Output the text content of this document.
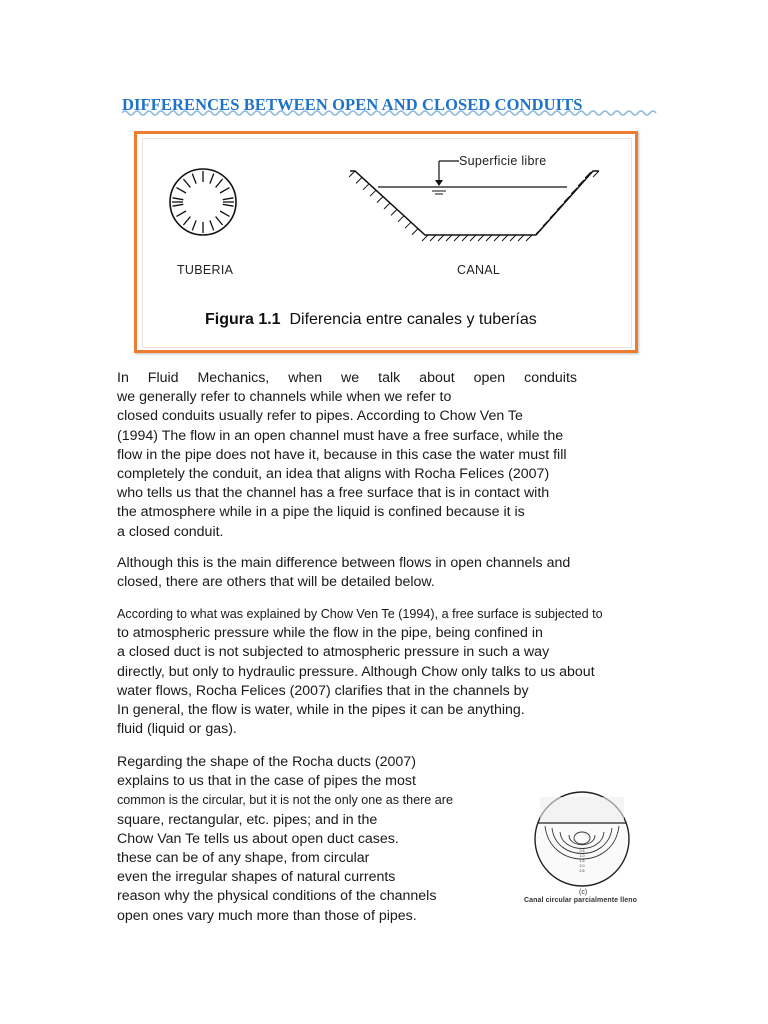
DIFFERENCES BETWEEN OPEN AND CLOSED CONDUITS
Superficie libre
TUBERIA	CANAL
Figura 1.1 Diferencia entre canales y tuberías
In Fluid Mechanics, when we talk about open conduits
we generally refer to channels while when we refer to
closed conduits usually refer to pipes. According to Chow Ven Te
(1994) The flow in an open channel must have a free surface, while the
flow in the pipe does not have it, because in this case the water must fill
completely the conduit, an idea that aligns with Rocha Felices (2007)
who tells us that the channel has a free surface that is in contact with
the atmosphere while in a pipe the liquid is confined because it is
a closed conduit.
Although this is the main difference between flows in open channels and
closed, there are others that will be detailed below.
According to what was explained by Chow Ven Te (1994), a free surface is subjected to
to atmospheric pressure while the flow in the pipe, being confined in
a closed duct is not subjected to atmospheric pressure in such a way
directly, but only to hydraulic pressure. Although Chow only talks to us about
water flows, Rocha Felices (2007) clarifies that in the channels by
In general, the flow is water, while in the pipes it can be anything.
fluid (liquid or gas).
Regarding the shape of the Rocha ducts (2007)
explains to us that in the case of pipes the most
common is the circular, but it is not the only one as there are
square, rectangular, etc. pipes; and in the
Chow Van Te tells us about open duct cases.
these can be of any shape, from circular
even the irregular shapes of natural currents
reason why the physical conditions of the channels
open ones vary much more than those of pipes.
0.5
1.0
1.5
2.0
2.5
(c)
Canal circular parcialmente lleno
